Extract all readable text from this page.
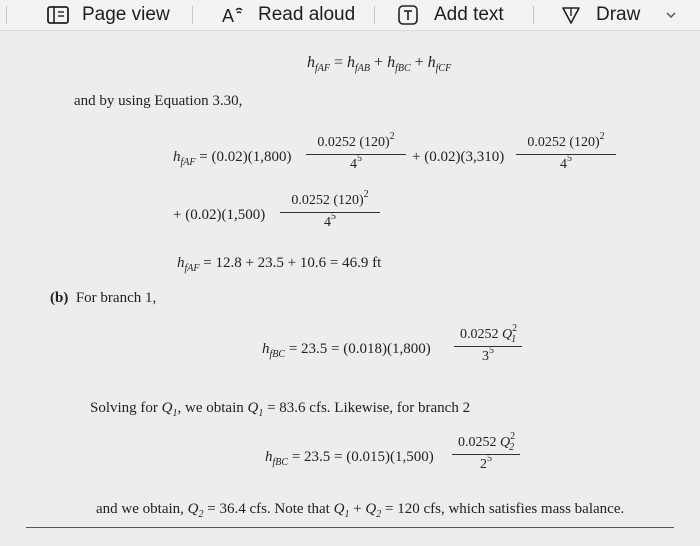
Page view	A Read aloud	Add text	Draw
$h_{fAF} = h_{fAB} + h_{fBC} + h_{fCF}$
and by using Equation 3.30,
$h_{fAF} = (0.02)(1,800)$
0.0252 $(120)^2$
$4^5$	+ (0.02)(3,310)
0.0252 $(120)^2$
$4^5$
+ (0.02)(1,500)
0.0252 $(120)^2$
$4^5$
$h_{fAF} = 12.8 + 23.5 + 10.6 = 46.9$ ft
(b) For branch 1,
$h_{fBC} = 23.5 = (0.018)(1,800)$
0.0252 $Q^2_1$
$3^5$
Solving for $Q_1$, we obtain $Q_1 = 83.6$ cfs. Likewise, for branch 2
$h_{fBC} = 23.5 = (0.015)(1,500)$
0.0252 $Q^2_2$
$2^5$
and we obtain, $Q_2 = 36.4$ cfs. Note that $Q_1 + Q_2 = 120$ cfs, which satisfies mass balance.
